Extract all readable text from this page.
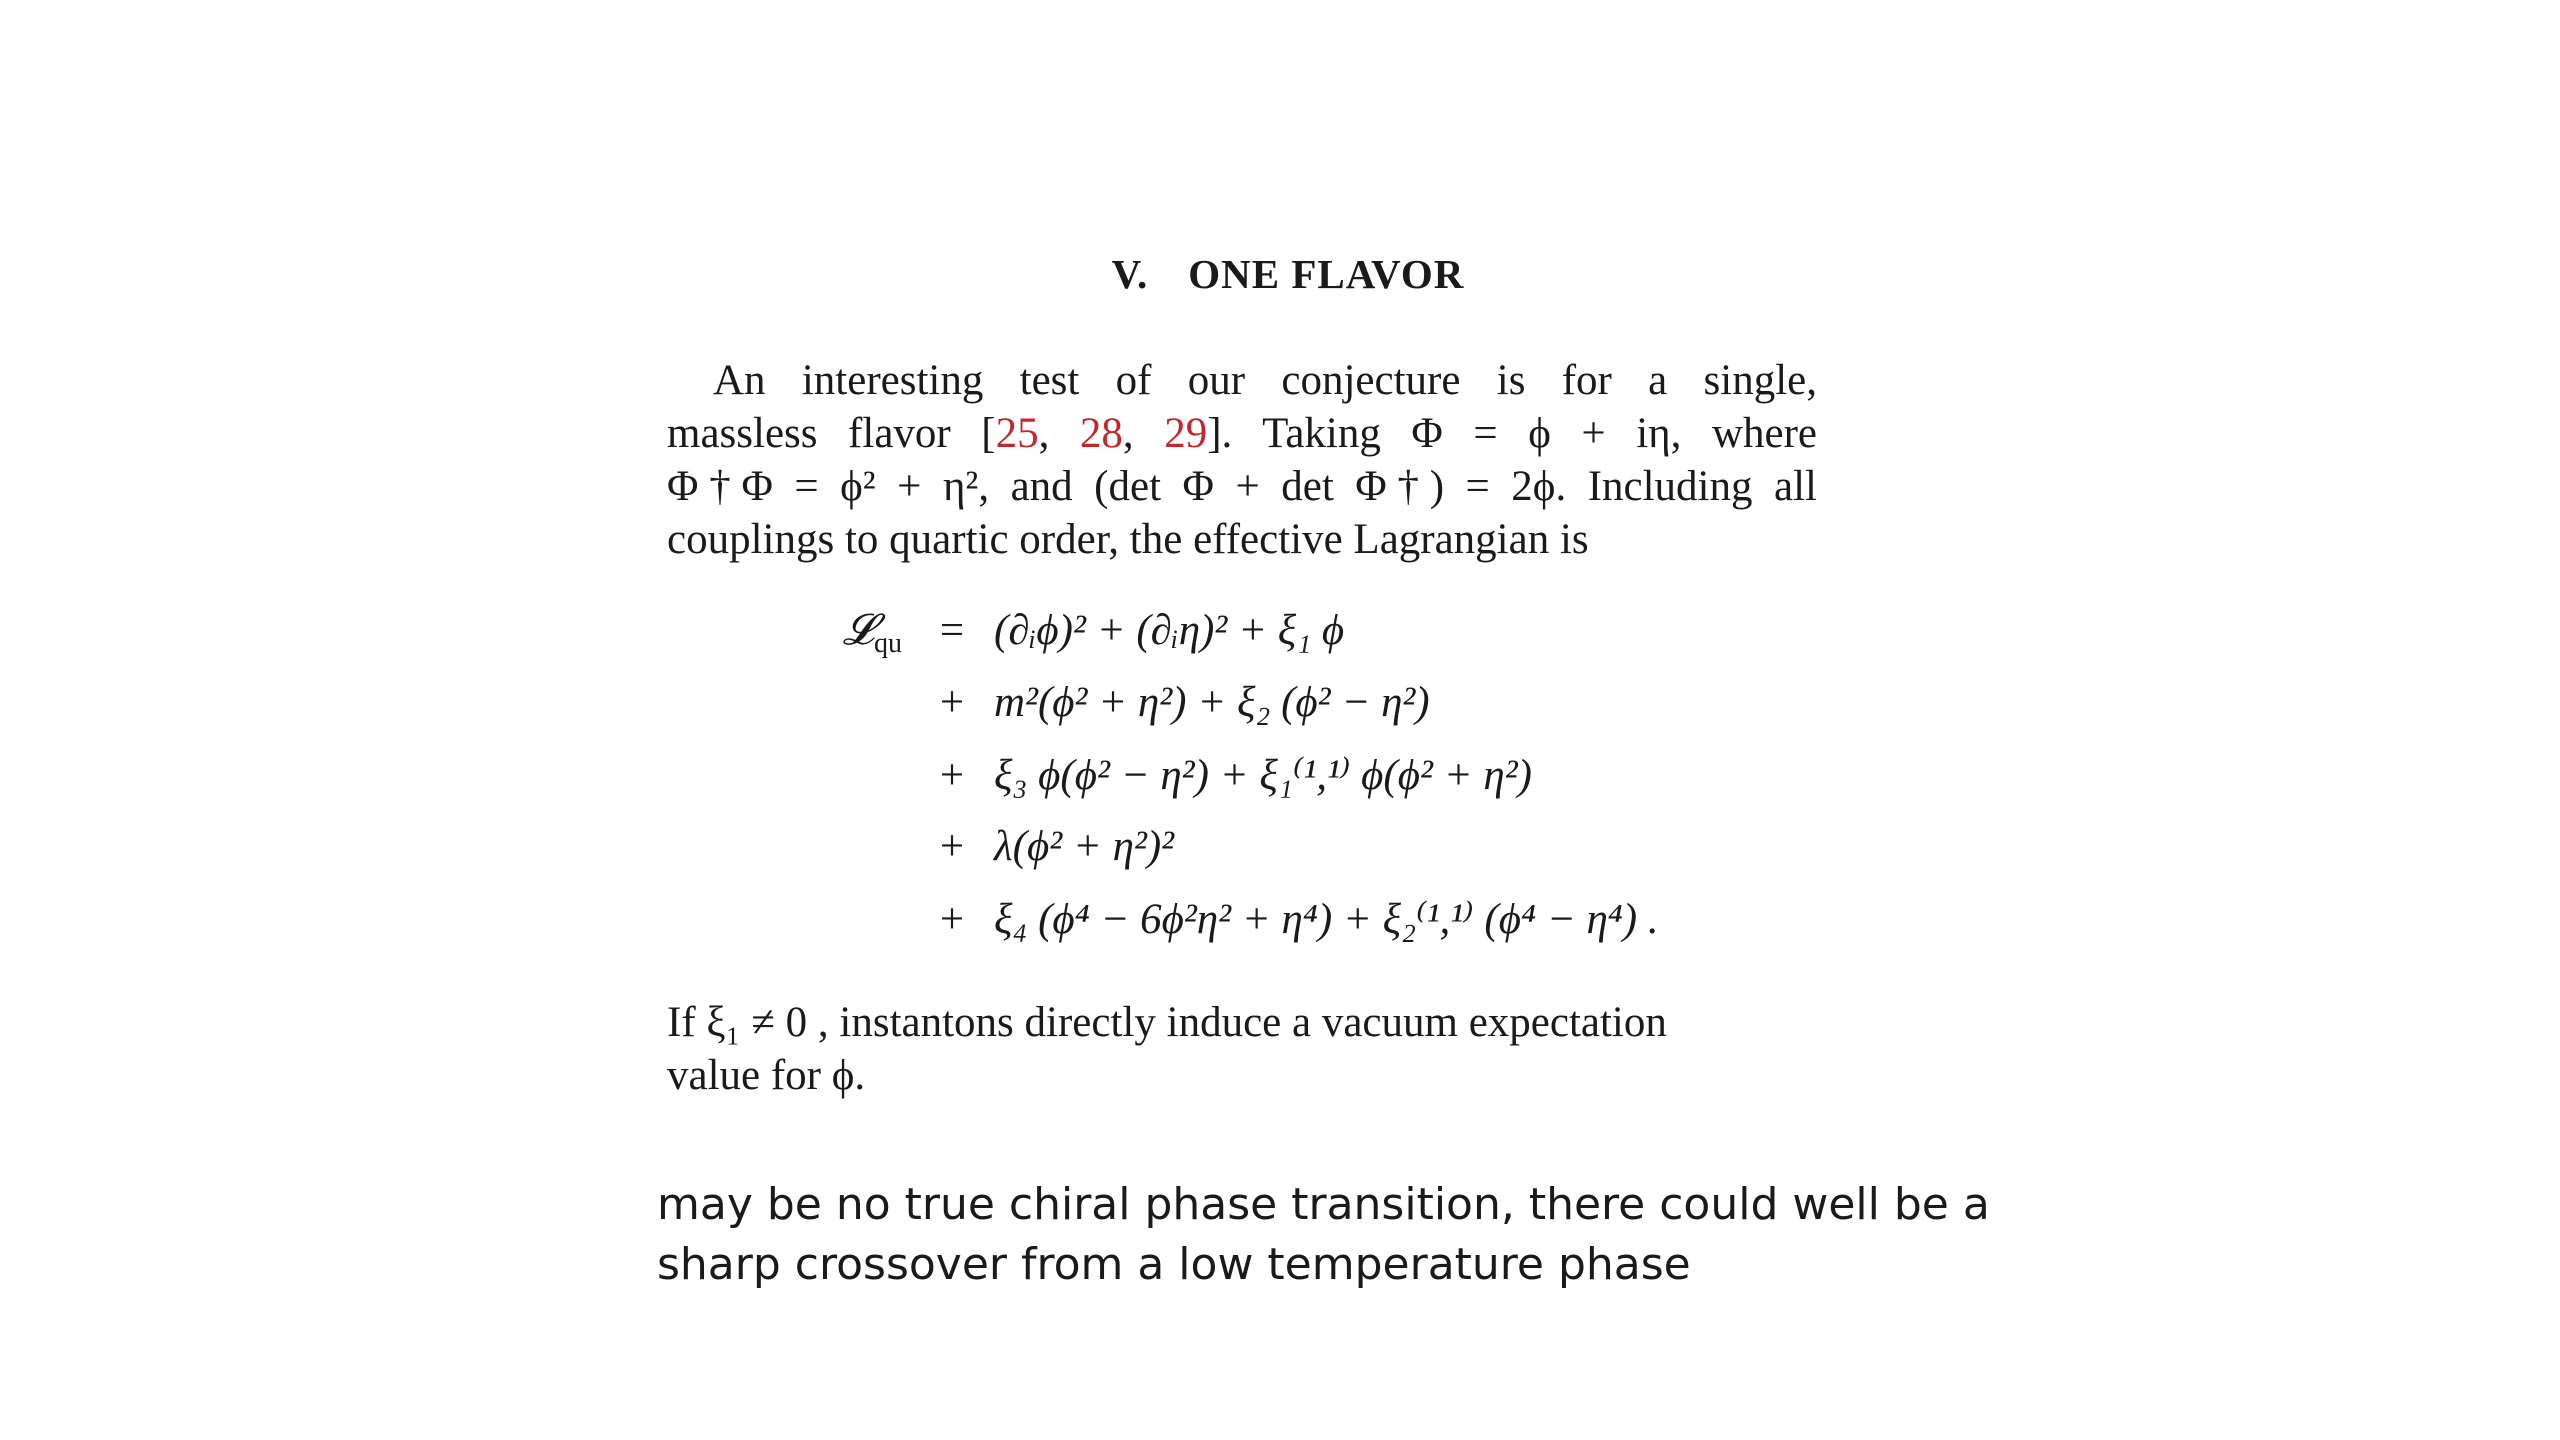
V. ONE FLAVOR

An interesting test of our conjecture is for a single,
massless flavor [25, 28, 29]. Taking Φ = ϕ + iη, where
Φ†Φ = ϕ² + η², and (det Φ + det Φ†) = 2ϕ. Including all
couplings to quartic order, the effective Lagrangian is

𝓛$_{qu}$ = (∂ᵢϕ)² + (∂ᵢη)² + ξ₁ ϕ
+ m²(ϕ² + η²) + ξ₂ (ϕ² − η²)
+ ξ₃ ϕ(ϕ² − η²) + ξ₁⁽¹,¹⁾ ϕ(ϕ² + η²)
+ λ(ϕ² + η²)²
+ ξ₄ (ϕ⁴ − 6ϕ²η² + η⁴) + ξ₂⁽¹,¹⁾ (ϕ⁴ − η⁴) .
If ξ₁ ≠ 0 , instantons directly induce a vacuum expectation
value for ϕ.
may be no true chiral phase transition, there could well be a
sharp crossover from a low temperature phase
